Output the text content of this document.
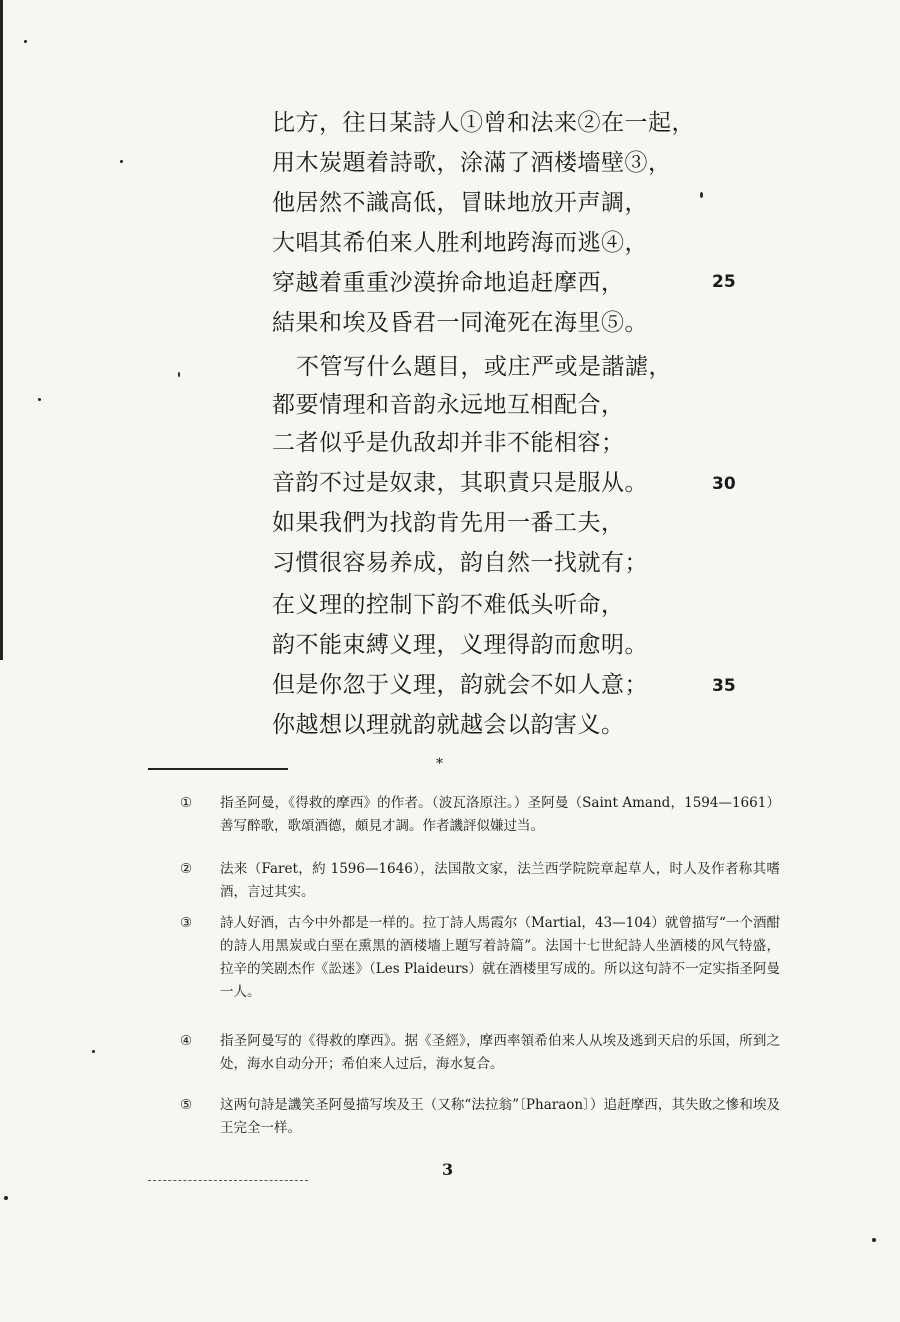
比方，往日某詩人①曾和法来②在一起，
用木炭題着詩歌，涂滿了酒楼墻壁③，
他居然不識高低，冒昧地放开声調，
大唱其希伯来人胜利地跨海而逃④，
穿越着重重沙漠拚命地追赶摩西，
結果和埃及昏君一同淹死在海里⑤。
不管写什么題目，或庄严或是諧謔，
都要情理和音韵永远地互相配合，
二者似乎是仇敌却并非不能相容；
音韵不过是奴隶，其职責只是服从。
如果我們为找韵肯先用一番工夫，
习慣很容易养成，韵自然一找就有；
在义理的控制下韵不难低头听命，
韵不能束縛义理，义理得韵而愈明。
但是你忽于义理，韵就会不如人意；
你越想以理就韵就越会以韵害义。
25
30
35
*
①	指圣阿曼，《得救的摩西》的作者。（波瓦洛原注。）圣阿曼（Saint Amand，1594—1661）善写醉歌，歌頌酒德，頗見才調。作者譏評似嫌过当。
②	法来（Faret，約 1596—1646），法国散文家，法兰西学院院章起草人，时人及作者称其嗜酒，言过其实。
③	詩人好酒，古今中外都是一样的。拉丁詩人馬霞尔（Martial，43—104）就曾描写“一个酒酣的詩人用黑炭或白堊在熏黑的酒楼墻上題写着詩篇”。法国十七世紀詩人坐酒楼的风气特盛，拉辛的笑剧杰作《訟迷》（Les Plaideurs）就在酒楼里写成的。所以这句詩不一定实指圣阿曼一人。
④	指圣阿曼写的《得救的摩西》。据《圣經》，摩西率領希伯来人从埃及逃到天启的乐国，所到之处，海水自动分开；希伯来人过后，海水复合。
⑤	这两句詩是譏笑圣阿曼描写埃及王（又称“法拉翁”〔Pharaon〕）追赶摩西，其失敗之慘和埃及王完全一样。
3
